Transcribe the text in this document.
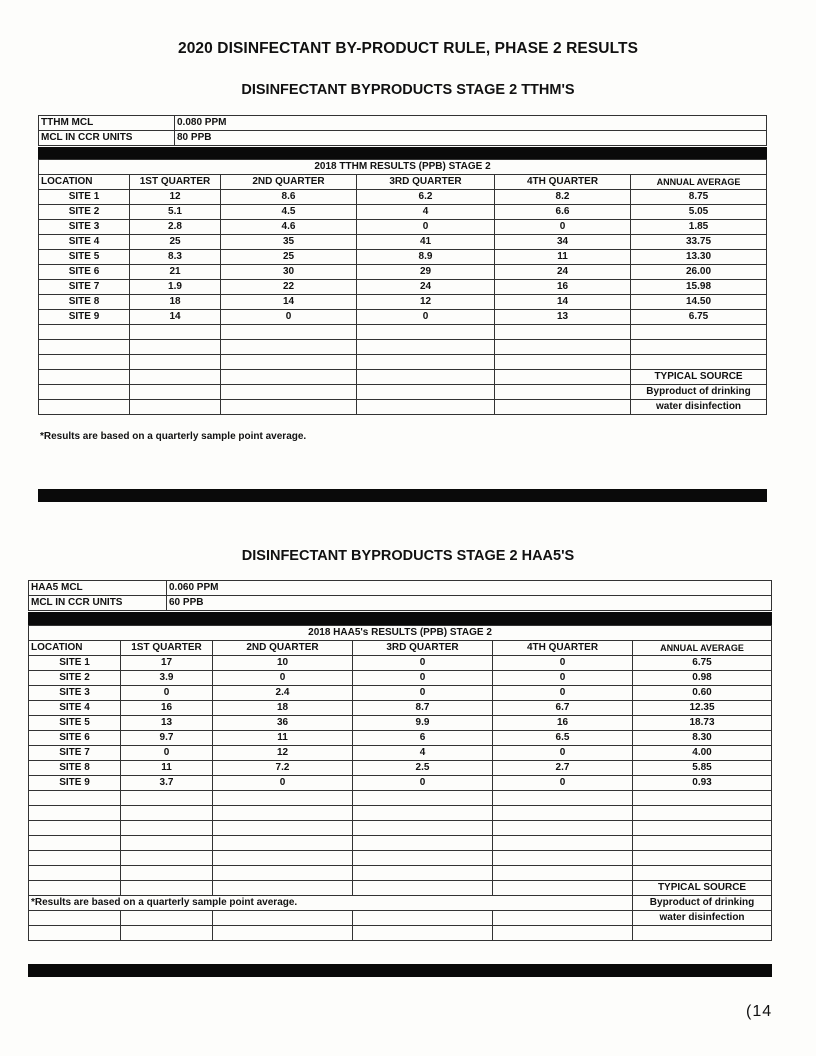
2020 DISINFECTANT BY-PRODUCT RULE, PHASE 2 RESULTS
DISINFECTANT BYPRODUCTS STAGE 2 TTHM'S
TTHM MCL	0.080 PPM
MCL IN CCR UNITS	80 PPB
2018 TTHM RESULTS (PPB) STAGE 2					
LOCATION	1ST QUARTER	2ND QUARTER	3RD QUARTER	4TH QUARTER	ANNUAL AVERAGE
SITE 1	12	8.6	6.2	8.2	8.75
SITE 2	5.1	4.5	4	6.6	5.05
SITE 3	2.8	4.6	0	0	1.85
SITE 4	25	35	41	34	33.75
SITE 5	8.3	25	8.9	11	13.30
SITE 6	21	30	29	24	26.00
SITE 7	1.9	22	24	16	15.98
SITE 8	18	14	12	14	14.50
SITE 9	14	0	0	13	6.75

					TYPICAL SOURCE
					Byproduct of drinking
					water disinfection
*Results are based on a quarterly sample point average.
DISINFECTANT BYPRODUCTS STAGE 2 HAA5'S
HAA5 MCL	0.060 PPM
MCL IN CCR UNITS	60 PPB
2018 HAA5's RESULTS (PPB) STAGE 2					
LOCATION	1ST QUARTER	2ND QUARTER	3RD QUARTER	4TH QUARTER	ANNUAL AVERAGE
SITE 1	17	10	0	0	6.75
SITE 2	3.9	0	0	0	0.98
SITE 3	0	2.4	0	0	0.60
SITE 4	16	18	8.7	6.7	12.35
SITE 5	13	36	9.9	16	18.73
SITE 6	9.7	11	6	6.5	8.30
SITE 7	0	12	4	0	4.00
SITE 8	11	7.2	2.5	2.7	5.85
SITE 9	3.7	0	0	0	0.93

					TYPICAL SOURCE
*Results are based on a quarterly sample point average.					Byproduct of drinking
					water disinfection

(14
